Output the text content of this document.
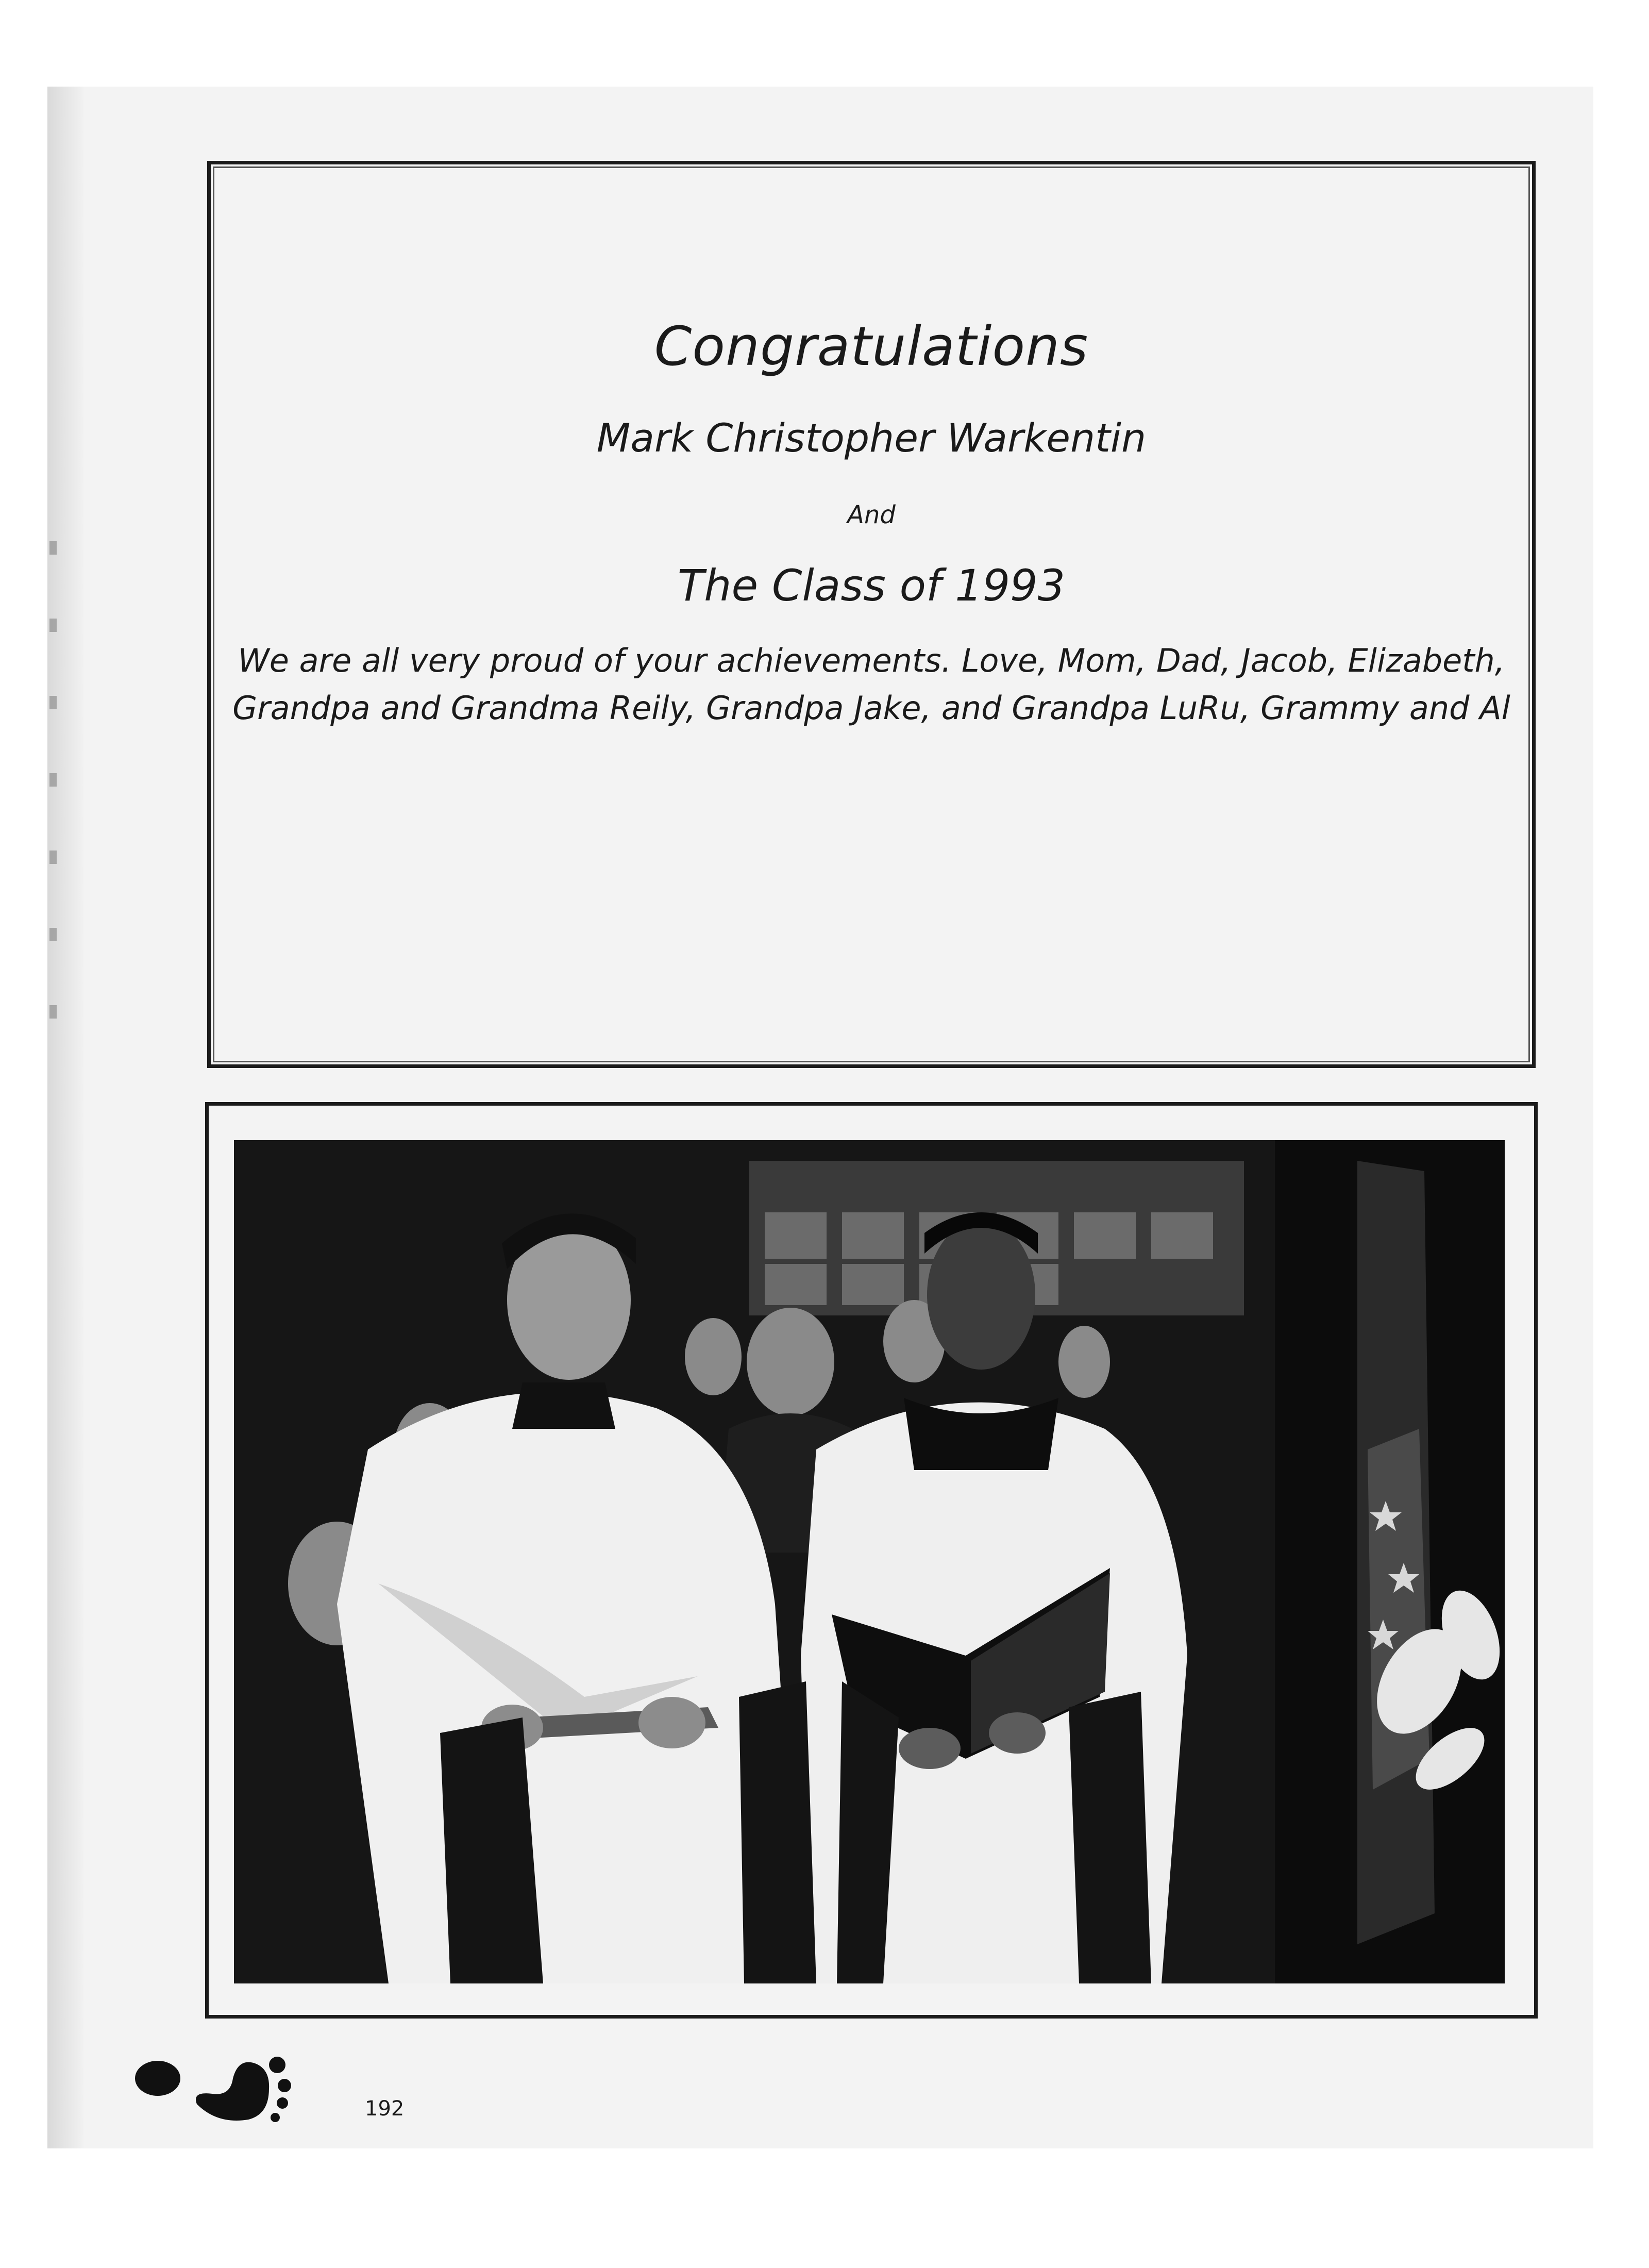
Congratulations
Mark Christopher Warkentin
And
The Class of 1993
We are all very proud of your achievements. Love, Mom, Dad, Jacob, Elizabeth,
Grandpa and Grandma Reily, Grandpa Jake, and Grandpa LuRu, Grammy and Al
192
